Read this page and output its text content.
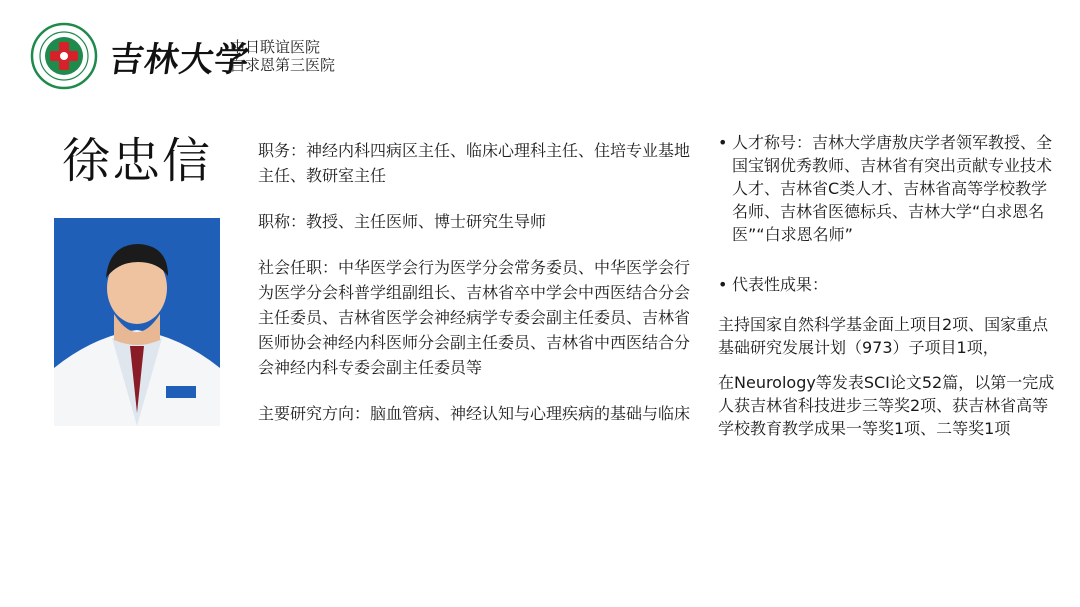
吉林大学
中日联谊医院
白求恩第三医院
徐忠信	职务：神经内科四病区主任、临床心理科主任、住培专业基地主任、教研室主任

职称：教授、主任医师、博士研究生导师

社会任职：中华医学会行为医学分会常务委员、中华医学会行为医学分会科普学组副组长、吉林省卒中学会中西医结合分会主任委员、吉林省医学会神经病学专委会副主任委员、吉林省医师协会神经内科医师分会副主任委员、吉林省中西医结合分会神经内科专委会副主任委员等

主要研究方向：脑血管病、神经认知与心理疾病的基础与临床

• 人才称号：吉林大学唐敖庆学者领军教授、全国宝钢优秀教师、吉林省有突出贡献专业技术人才、吉林省C类人才、吉林省高等学校教学名师、吉林省医德标兵、吉林大学“白求恩名医”“白求恩名师”
• 代表性成果：

主持国家自然科学基金面上项目2项、国家重点基础研究发展计划（973）子项目1项，

在Neurology等发表SCI论文52篇，以第一完成人获吉林省科技进步三等奖2项、获吉林省高等学校教育教学成果一等奖1项、二等奖1项
